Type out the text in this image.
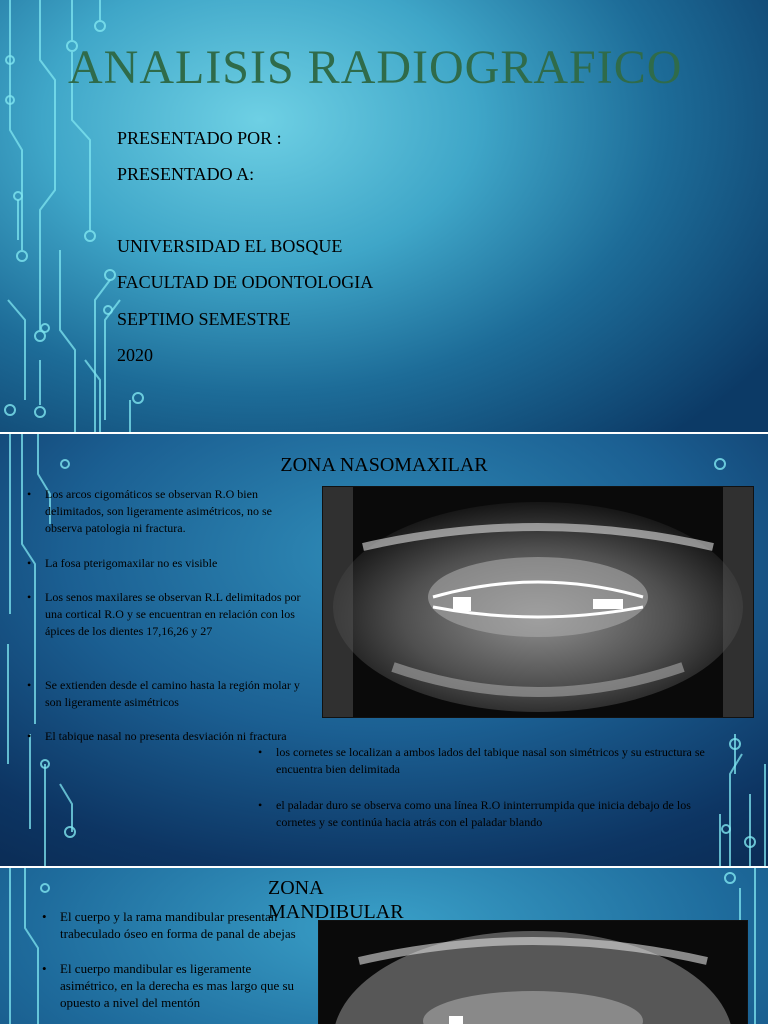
ANALISIS RADIOGRAFICO
PRESENTADO POR :
PRESENTADO A:
UNIVERSIDAD EL BOSQUE
FACULTAD DE ODONTOLOGIA
SEPTIMO SEMESTRE
2020
ZONA NASOMAXILAR
• Los arcos cigomáticos se observan R.O bien delimitados, son ligeramente asimétricos, no se observa patologia ni fractura.
• La fosa pterigomaxilar no es visible
• Los senos maxilares se observan R.L delimitados por una cortical R.O y se encuentran en relación con los ápices de los dientes 17,16,26 y 27
• Se extienden desde el camino hasta la región molar y son ligeramente asimétricos
• El tabique nasal no presenta desviación ni fractura
• los cornetes se localizan a ambos lados del tabique nasal son simétricos y su estructura se encuentra bien delimitada
• el paladar duro se observa como una línea R.O ininterrumpida que inicia debajo de los cornetes y se continúa hacia atrás con el paladar blando
ZONA MANDIBULAR
• El cuerpo y la rama mandibular presentan trabeculado óseo en forma de panal de abejas
• El cuerpo mandibular es ligeramente asimétrico, en la derecha es mas largo que su opuesto a nivel del mentón
